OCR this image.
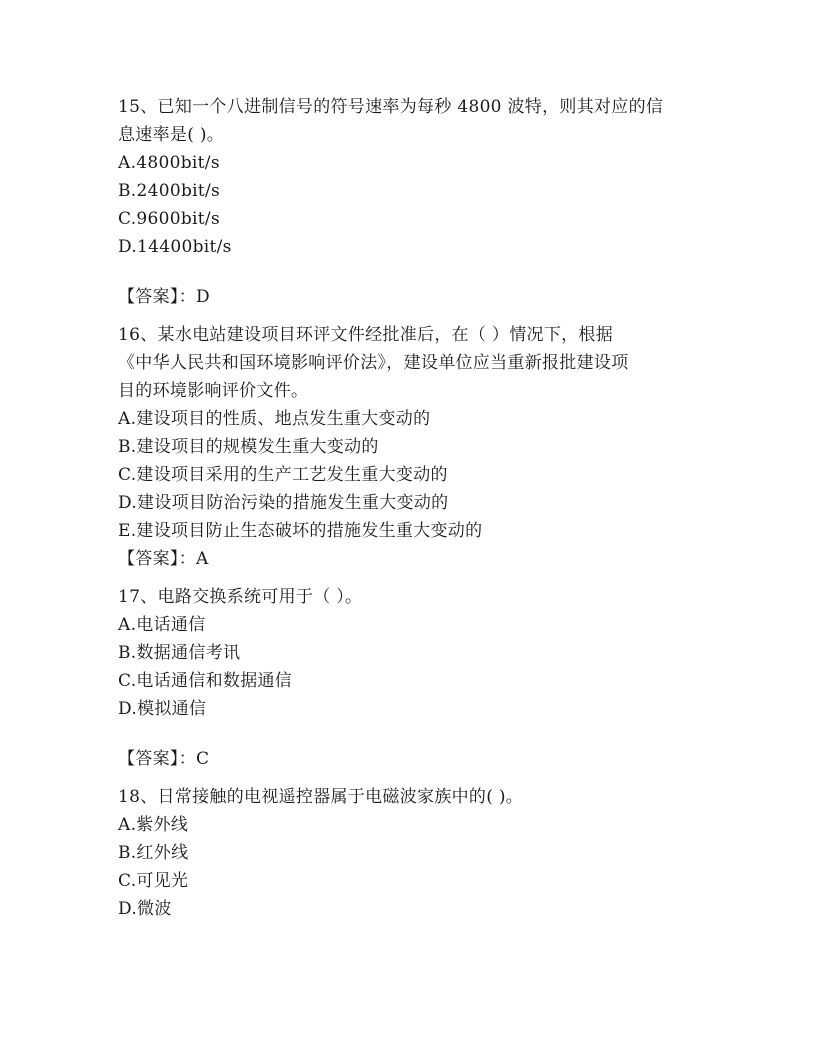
15、已知一个八进制信号的符号速率为每秒 4800 波特，则其对应的信
息速率是( )。
A.4800bit/s
B.2400bit/s
C.9600bit/s
D.14400bit/s
【答案】：D
16、某水电站建设项目环评文件经批准后，在（ ）情况下，根据
《中华人民共和国环境影响评价法》，建设单位应当重新报批建设项
目的环境影响评价文件。
A.建设项目的性质、地点发生重大变动的
B.建设项目的规模发生重大变动的
C.建设项目采用的生产工艺发生重大变动的
D.建设项目防治污染的措施发生重大变动的
E.建设项目防止生态破坏的措施发生重大变动的
【答案】：A
17、电路交换系统可用于（ ）。
A.电话通信
B.数据通信考讯
C.电话通信和数据通信
D.模拟通信
【答案】：C
18、日常接触的电视遥控器属于电磁波家族中的( )。
A.紫外线
B.红外线
C.可见光
D.微波
